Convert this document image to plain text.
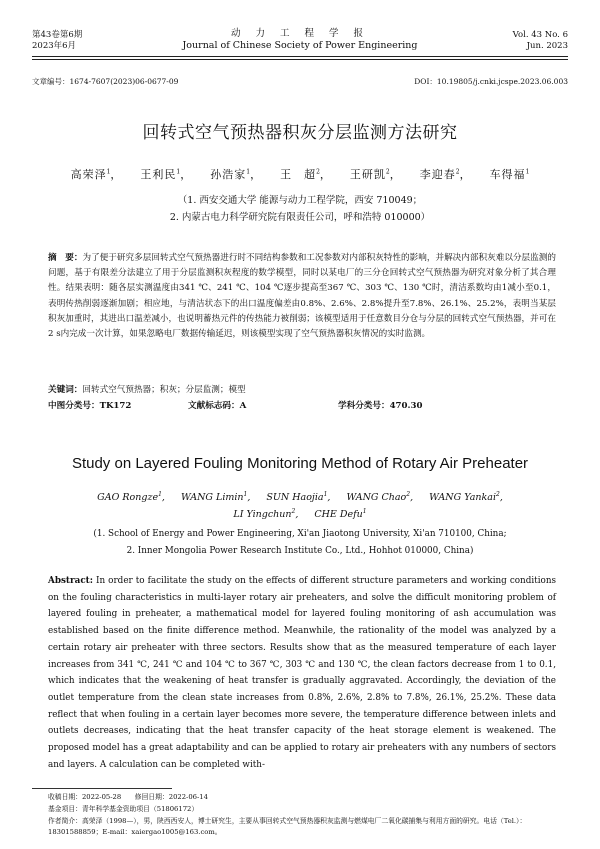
第43卷第6期
2023年6月
动 力 工 程 学 报
Journal of Chinese Society of Power Engineering
Vol. 43 No. 6
Jun. 2023
文章编号：1674-7607(2023)06-0677-09	DOI：10.19805/j.cnki.jcspe.2023.06.003
回转式空气预热器积灰分层监测方法研究
高荣泽$^1$， 王利民$^1$， 孙浩家$^1$， 王　超$^2$， 王研凯$^2$， 李迎春$^2$， 车得福$^1$
（1. 西安交通大学 能源与动力工程学院，西安 710049；
2. 内蒙古电力科学研究院有限责任公司，呼和浩特 010000）
摘　要：为了便于研究多层回转式空气预热器进行时不同结构参数和工况参数对内部积灰特性的影响，并解决内部积灰难以分层监测的问题，基于有限差分法建立了用于分层监测积灰程度的数学模型，同时以某电厂的三分仓回转式空气预热器为研究对象分析了其合理性。结果表明：随各层实测温度由341 ℃、241 ℃、104 ℃逐步提高至367 ℃、303 ℃、130 ℃时，清洁系数均由1减小至0.1，表明传热削弱逐渐加剧；相应地，与清洁状态下的出口温度偏差由0.8%、2.6%、2.8%提升至7.8%、26.1%、25.2%，表明当某层积灰加重时，其进出口温差减小，也说明蓄热元件的传热能力被削弱；该模型适用于任意数目分仓与分层的回转式空气预热器，并可在2 s内完成一次计算，如果忽略电厂数据传输延迟，则该模型实现了空气预热器积灰情况的实时监测。
关键词：回转式空气预热器；积灰；分层监测；模型
中图分类号：TK172	文献标志码：A	学科分类号：470.30
Study on Layered Fouling Monitoring Method of Rotary Air Preheater
GAO Rongze$^1$, WANG Limin$^1$, SUN Haojia$^1$, WANG Chao$^2$, WANG Yankai$^2$,
LI Yingchun$^2$, CHE Defu$^1$
(1. School of Energy and Power Engineering, Xi'an Jiaotong University, Xi'an 710100, China;
2. Inner Mongolia Power Research Institute Co., Ltd., Hohhot 010000, China)
Abstract: In order to facilitate the study on the effects of different structure parameters and working conditions on the fouling characteristics in multi-layer rotary air preheaters, and solve the difficult monitoring problem of layered fouling in preheater, a mathematical model for layered fouling monitoring of ash accumulation was established based on the finite difference method. Meanwhile, the rationality of the model was analyzed by a certain rotary air preheater with three sectors. Results show that as the measured temperature of each layer increases from 341 ℃, 241 ℃ and 104 ℃ to 367 ℃, 303 ℃ and 130 ℃, the clean factors decrease from 1 to 0.1, which indicates that the weakening of heat transfer is gradually aggravated. Accordingly, the deviation of the outlet temperature from the clean state increases from 0.8%, 2.6%, 2.8% to 7.8%, 26.1%, 25.2%. These data reflect that when fouling in a certain layer becomes more severe, the temperature difference between inlets and outlets decreases, indicating that the heat transfer capacity of the heat storage element is weakened. The proposed model has a great adaptability and can be applied to rotary air preheaters with any numbers of sectors and layers. A calculation can be completed with-
收稿日期：2022-05-28　　修回日期：2022-06-14
基金项目：青年科学基金资助项目（51806172）
作者简介：高荣泽（1998—），男，陕西西安人，博士研究生，主要从事回转式空气预热器积灰监测与燃煤电厂二氧化碳捕集与利用方面的研究。电话（Tel.）：18301588859；E-mail：xaiergao1005@163.com。
